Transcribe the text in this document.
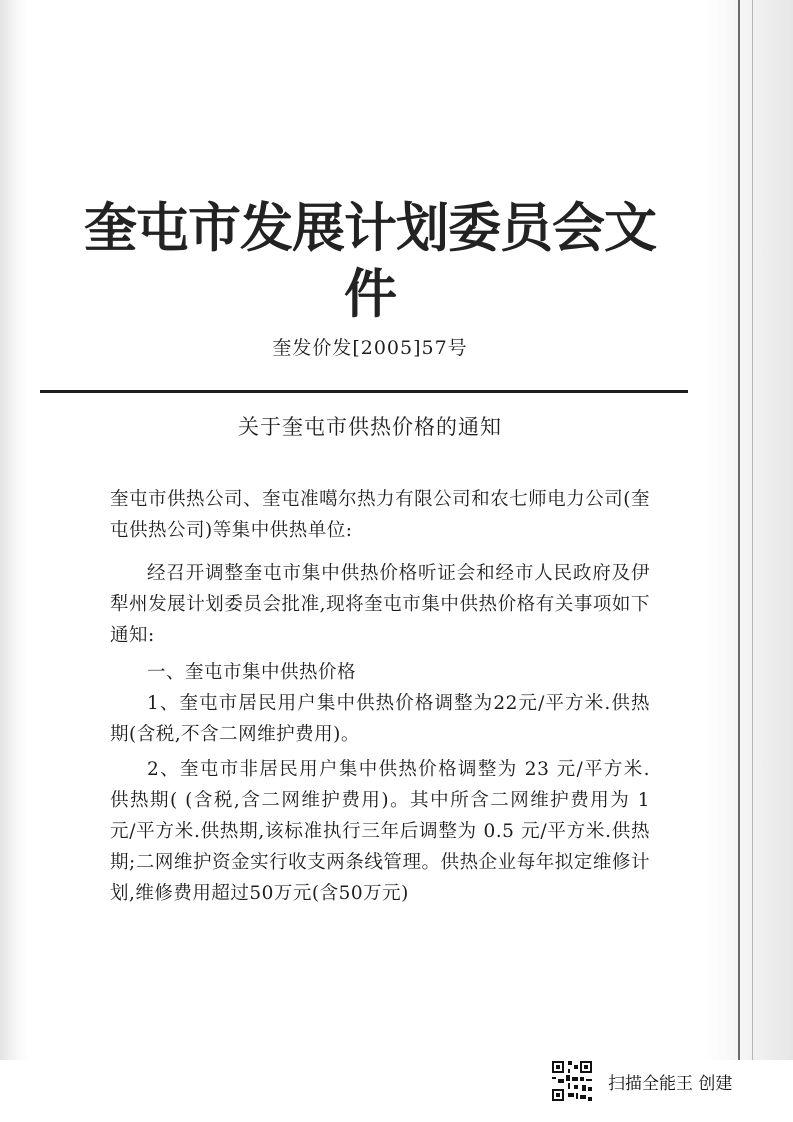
奎屯市发展计划委员会文件
奎发价发[2005]57号
关于奎屯市供热价格的通知

奎屯市供热公司、奎屯准噶尔热力有限公司和农七师电力公司(奎屯供热公司)等集中供热单位:

经召开调整奎屯市集中供热价格听证会和经市人民政府及伊犁州发展计划委员会批准,现将奎屯市集中供热价格有关事项如下通知:

一、奎屯市集中供热价格

1、奎屯市居民用户集中供热价格调整为22元/平方米.供热期(含税,不含二网维护费用)。

2、奎屯市非居民用户集中供热价格调整为 23 元/平方米. 供热期( (含税,含二网维护费用)。其中所含二网维护费用为 1 元/平方米.供热期,该标准执行三年后调整为 0.5 元/平方米.供热期;二网维护资金实行收支两条线管理。供热企业每年拟定维修计划,维修费用超过50万元(含50万元)

扫描全能王 创建
